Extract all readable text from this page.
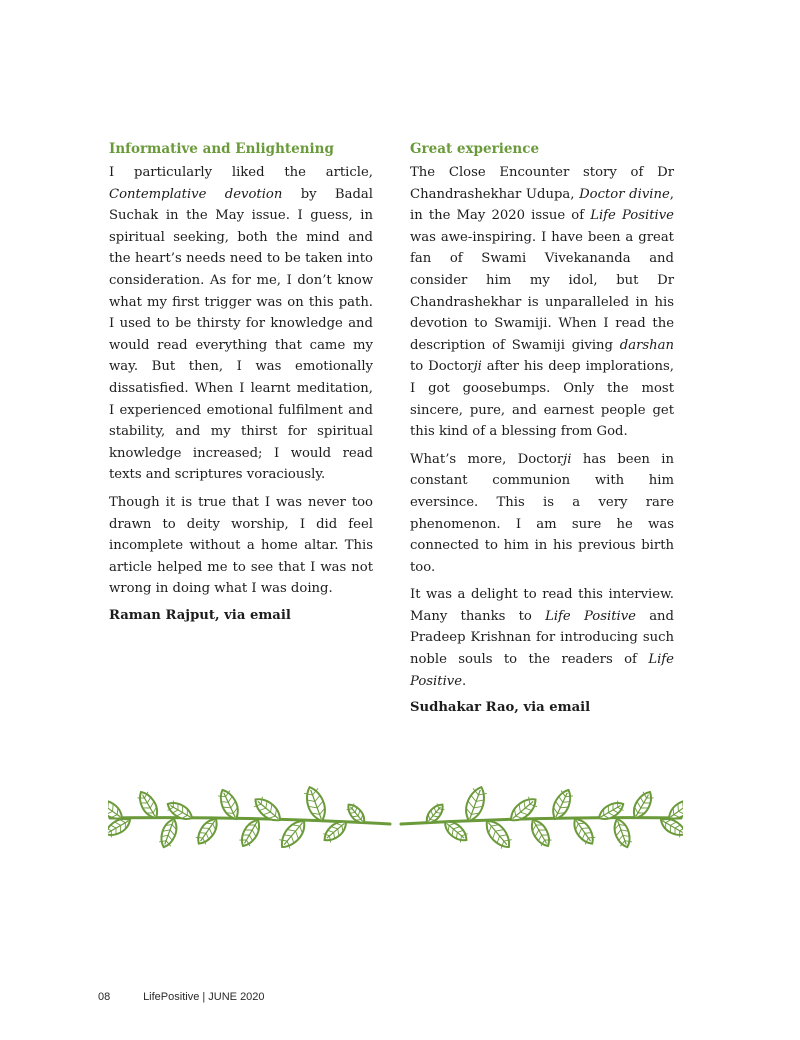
Informative and Enlightening

I particularly liked the article, Contemplative devotion by Badal Suchak in the May issue. I guess, in spiritual seeking, both the mind and the heart’s needs need to be taken into consideration. As for me, I don’t know what my first trigger was on this path. I used to be thirsty for knowledge and would read everything that came my way. But then, I was emotionally dissatisfied. When I learnt meditation, I experienced emotional fulfilment and stability, and my thirst for spiritual knowledge increased; I would read texts and scriptures voraciously.

Though it is true that I was never too drawn to deity worship, I did feel incomplete without a home altar. This article helped me to see that I was not wrong in doing what I was doing.

Raman Rajput, via email
Great experience

The Close Encounter story of Dr Chandrashekhar Udupa, Doctor divine, in the May 2020 issue of Life Positive was awe-inspiring. I have been a great fan of Swami Vivekananda and consider him my idol, but Dr Chandrashekhar is unparalleled in his devotion to Swamiji. When I read the description of Swamiji giving darshan to Doctorji after his deep implorations, I got goosebumps. Only the most sincere, pure, and earnest people get this kind of a blessing from God.

What’s more, Doctorji has been in constant communion with him eversince. This is a very rare phenomenon. I am sure he was connected to him in his previous birth too.

It was a delight to read this interview. Many thanks to Life Positive and Pradeep Krishnan for introducing such noble souls to the readers of Life Positive.

Sudhakar Rao, via email
08	LifePositive | JUNE 2020
